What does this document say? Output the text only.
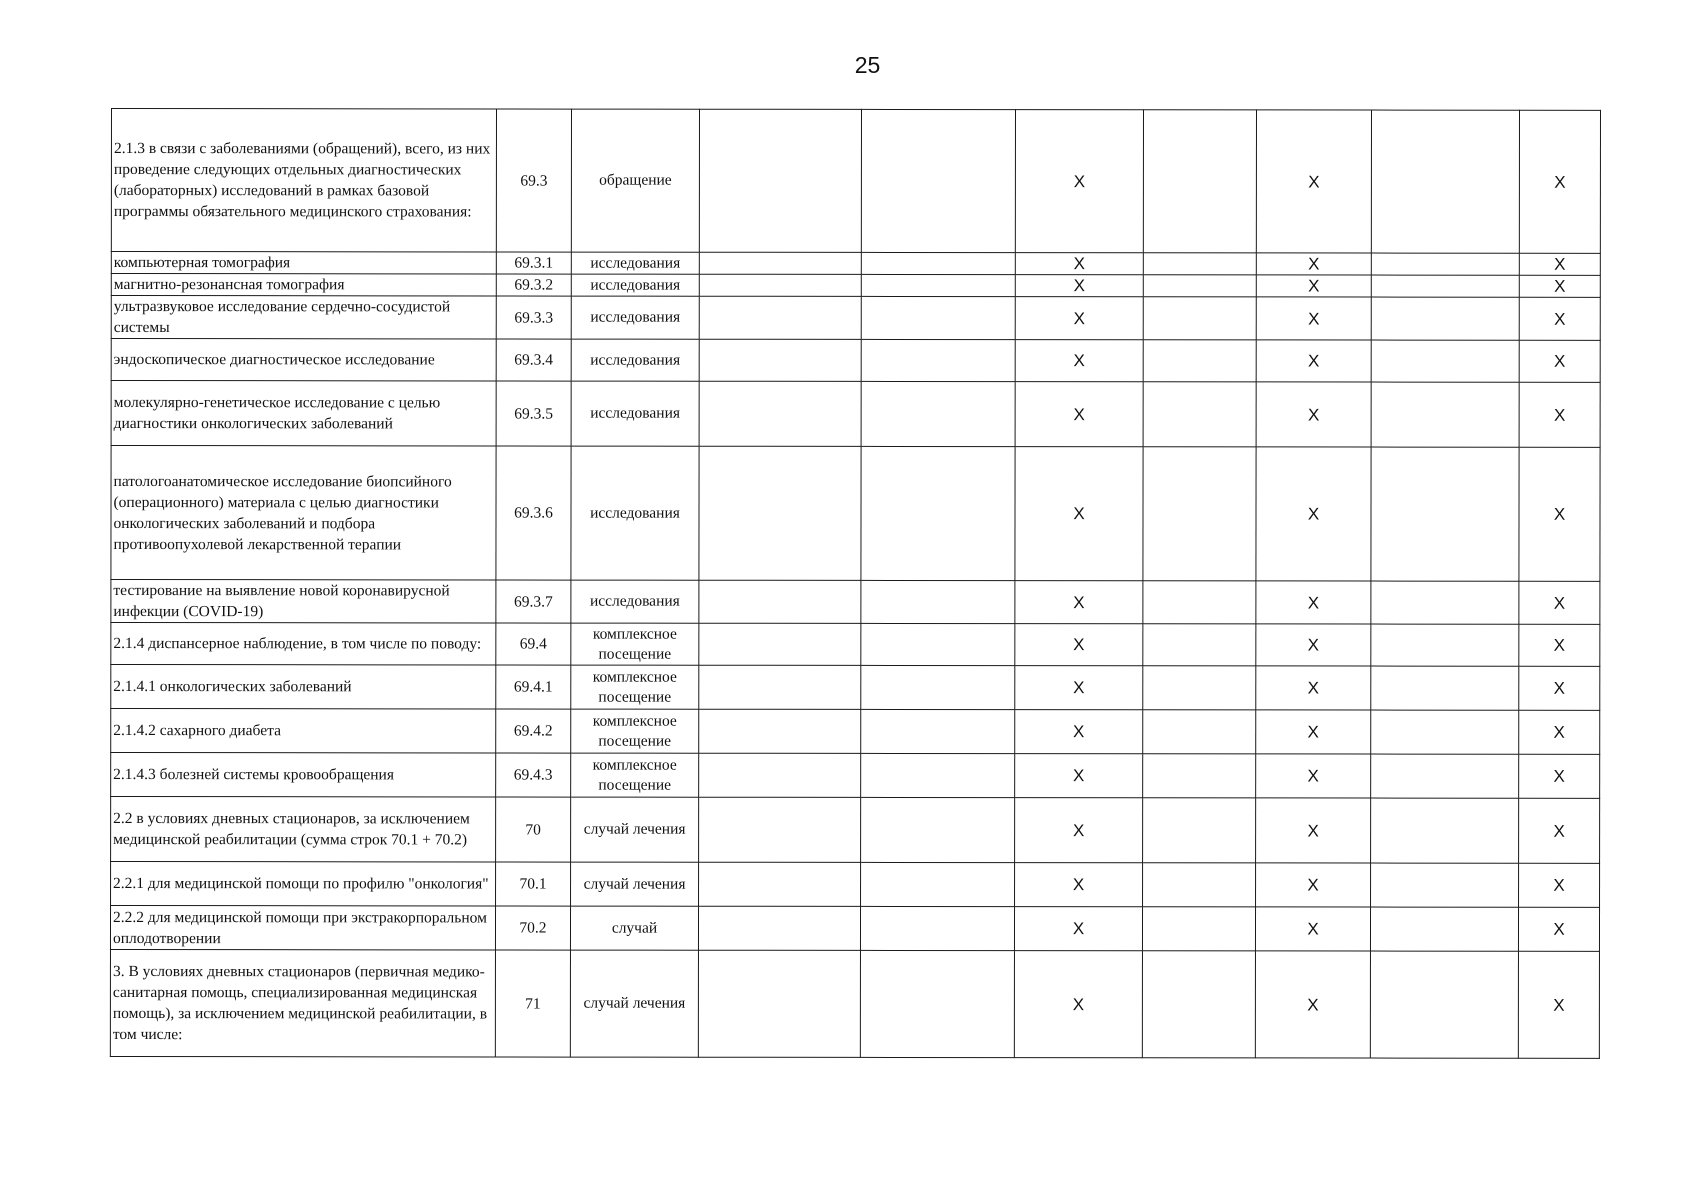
25
2.1.3 в связи с заболеваниями (обращений), всего, из них проведение следующих отдельных диагностических (лабораторных) исследований в рамках базовой программы обязательного медицинского страхования:	69.3	обращение			X		X		X
компьютерная томография	69.3.1	исследования			X		X		X
магнитно-резонансная томография	69.3.2	исследования			X		X		X
ультразвуковое исследование сердечно-сосудистой системы	69.3.3	исследования			X		X		X
эндоскопическое диагностическое исследование	69.3.4	исследования			X		X		X
молекулярно-генетическое исследование с целью диагностики онкологических заболеваний	69.3.5	исследования			X		X		X
патологоанатомическое исследование биопсийного (операционного) материала с целью диагностики онкологических заболеваний и подбора противоопухолевой лекарственной терапии	69.3.6	исследования			X		X		X
тестирование на выявление новой коронавирусной инфекции (COVID-19)	69.3.7	исследования			X		X		X
2.1.4 диспансерное наблюдение, в том числе по поводу:	69.4	комплексное посещение			X		X		X
2.1.4.1 онкологических заболеваний	69.4.1	комплексное посещение			X		X		X
2.1.4.2 сахарного диабета	69.4.2	комплексное посещение			X		X		X
2.1.4.3 болезней системы кровообращения	69.4.3	комплексное посещение			X		X		X
2.2 в условиях дневных стационаров, за исключением медицинской реабилитации (сумма строк 70.1 + 70.2)	70	случай лечения			X		X		X
2.2.1 для медицинской помощи по профилю "онкология"	70.1	случай лечения			X		X		X
2.2.2 для медицинской помощи при экстракорпоральном оплодотворении	70.2	случай			X		X		X
3. В условиях дневных стационаров (первичная медико-санитарная помощь, специализированная медицинская помощь), за исключением медицинской реабилитации, в том числе:	71	случай лечения			X		X		X
